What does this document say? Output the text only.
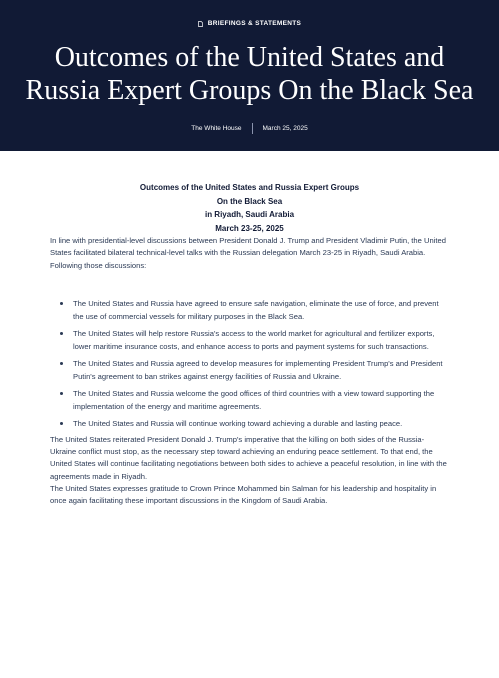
BRIEFINGS & STATEMENTS
Outcomes of the United States and Russia Expert Groups On the Black Sea
The White House	March 25, 2025
Outcomes of the United States and Russia Expert Groups
On the Black Sea
in Riyadh, Saudi Arabia
March 23-25, 2025

In line with presidential-level discussions between President Donald J. Trump and President Vladimir Putin, the United States facilitated bilateral technical-level talks with the Russian delegation March 23-25 in Riyadh, Saudi Arabia. Following those discussions:

The United States and Russia have agreed to ensure safe navigation, eliminate the use of force, and prevent the use of commercial vessels for military purposes in the Black Sea.
The United States will help restore Russia's access to the world market for agricultural and fertilizer exports, lower maritime insurance costs, and enhance access to ports and payment systems for such transactions.
The United States and Russia agreed to develop measures for implementing President Trump's and President Putin's agreement to ban strikes against energy facilities of Russia and Ukraine.
The United States and Russia welcome the good offices of third countries with a view toward supporting the implementation of the energy and maritime agreements.
The United States and Russia will continue working toward achieving a durable and lasting peace.

The United States reiterated President Donald J. Trump's imperative that the killing on both sides of the Russia-Ukraine conflict must stop, as the necessary step toward achieving an enduring peace settlement. To that end, the United States will continue facilitating negotiations between both sides to achieve a peaceful resolution, in line with the agreements made in Riyadh.

The United States expresses gratitude to Crown Prince Mohammed bin Salman for his leadership and hospitality in once again facilitating these important discussions in the Kingdom of Saudi Arabia.
